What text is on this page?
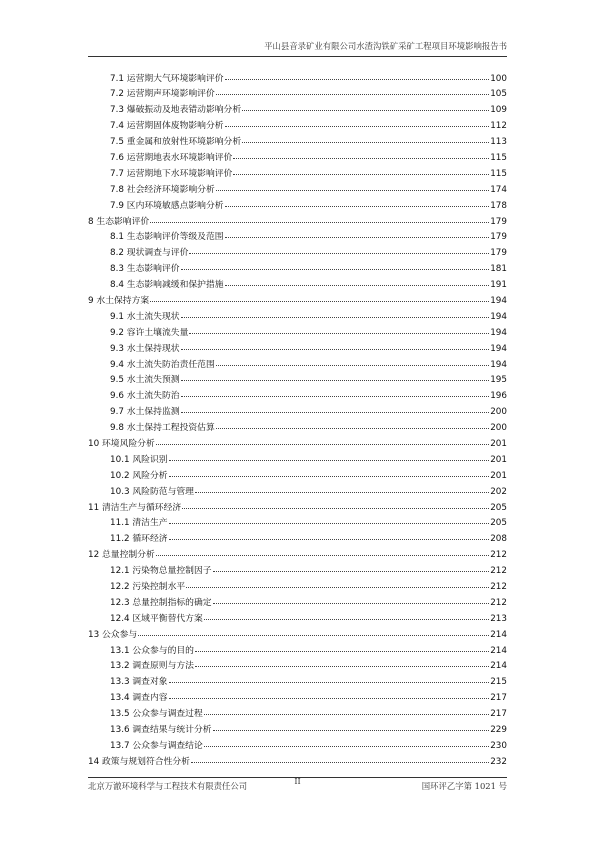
平山县音录矿业有限公司水渣沟铁矿采矿工程项目环境影响报告书
7.1 运营期大气环境影响评价	100
7.2 运营期声环境影响评价	105
7.3 爆破振动及地表错动影响分析	109
7.4 运营期固体废物影响分析	112
7.5 重金属和放射性环境影响分析	113
7.6 运营期地表水环境影响评价	115
7.7 运营期地下水环境影响评价	115
7.8 社会经济环境影响分析	174
7.9 区内环境敏感点影响分析	178
8 生态影响评价	179
8.1 生态影响评价等级及范围	179
8.2 现状调查与评价	179
8.3 生态影响评价	181
8.4 生态影响减缓和保护措施	191
9 水土保持方案	194
9.1 水土流失现状	194
9.2 容许土壤流失量	194
9.3 水土保持现状	194
9.4 水土流失防治责任范围	194
9.5 水土流失预测	195
9.6 水土流失防治	196
9.7 水土保持监测	200
9.8 水土保持工程投资估算	200
10 环境风险分析	201
10.1 风险识别	201
10.2 风险分析	201
10.3 风险防范与管理	202
11 清洁生产与循环经济	205
11.1 清洁生产	205
11.2 循环经济	208
12 总量控制分析	212
12.1 污染物总量控制因子	212
12.2 污染控制水平	212
12.3 总量控制指标的确定	212
12.4 区域平衡替代方案	213
13 公众参与	214
13.1 公众参与的目的	214
13.2 调查原则与方法	214
13.3 调查对象	215
13.4 调查内容	217
13.5 公众参与调查过程	217
13.6 调查结果与统计分析	229
13.7 公众参与调查结论	230
14 政策与规划符合性分析	232
北京万澈环境科学与工程技术有限责任公司	II	国环评乙字第 1021 号
